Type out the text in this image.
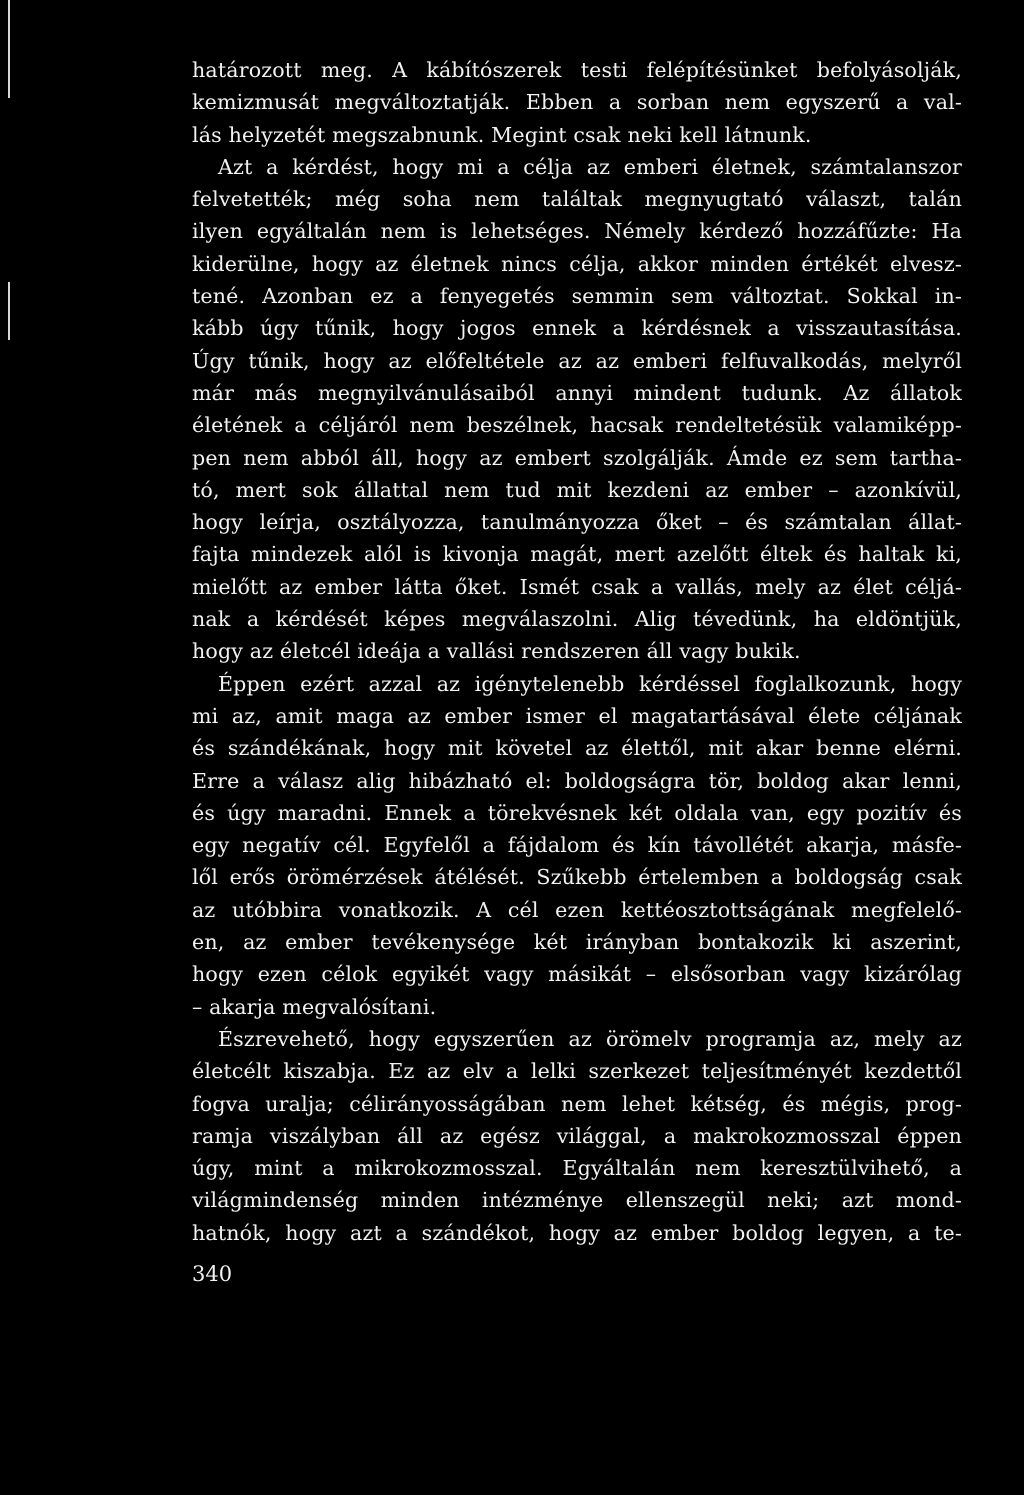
határozott meg. A kábítószerek testi felépítésünket befolyásolják,
kemizmusát megváltoztatják. Ebben a sorban nem egyszerű a val-
lás helyzetét megszabnunk. Megint csak neki kell látnunk.
Azt a kérdést, hogy mi a célja az emberi életnek, számtalanszor
felvetették; még soha nem találtak megnyugtató választ, talán
ilyen egyáltalán nem is lehetséges. Némely kérdező hozzáfűzte: Ha
kiderülne, hogy az életnek nincs célja, akkor minden értékét elvesz-
tené. Azonban ez a fenyegetés semmin sem változtat. Sokkal in-
kább úgy tűnik, hogy jogos ennek a kérdésnek a visszautasítása.
Úgy tűnik, hogy az előfeltétele az az emberi felfuvalkodás, melyről
már más megnyilvánulásaiból annyi mindent tudunk. Az állatok
életének a céljáról nem beszélnek, hacsak rendeltetésük valamiképp-
pen nem abból áll, hogy az embert szolgálják. Ámde ez sem tartha-
tó, mert sok állattal nem tud mit kezdeni az ember – azonkívül,
hogy leírja, osztályozza, tanulmányozza őket – és számtalan állat-
fajta mindezek alól is kivonja magát, mert azelőtt éltek és haltak ki,
mielőtt az ember látta őket. Ismét csak a vallás, mely az élet céljá-
nak a kérdését képes megválaszolni. Alig tévedünk, ha eldöntjük,
hogy az életcél ideája a vallási rendszeren áll vagy bukik.
Éppen ezért azzal az igénytelenebb kérdéssel foglalkozunk, hogy
mi az, amit maga az ember ismer el magatartásával élete céljának
és szándékának, hogy mit követel az élettől, mit akar benne elérni.
Erre a válasz alig hibázható el: boldogságra tör, boldog akar lenni,
és úgy maradni. Ennek a törekvésnek két oldala van, egy pozitív és
egy negatív cél. Egyfelől a fájdalom és kín távollétét akarja, másfe-
lől erős örömérzések átélését. Szűkebb értelemben a boldogság csak
az utóbbira vonatkozik. A cél ezen kettéosztottságának megfelelő-
en, az ember tevékenysége két irányban bontakozik ki aszerint,
hogy ezen célok egyikét vagy másikát – elsősorban vagy kizárólag
– akarja megvalósítani.
Észrevehető, hogy egyszerűen az örömelv programja az, mely az
életcélt kiszabja. Ez az elv a lelki szerkezet teljesítményét kezdettől
fogva uralja; célirányosságában nem lehet kétség, és mégis, prog-
ramja viszályban áll az egész világgal, a makrokozmosszal éppen
úgy, mint a mikrokozmosszal. Egyáltalán nem keresztülvihető, a
világmindenség minden intézménye ellenszegül neki; azt mond-
hatnók, hogy azt a szándékot, hogy az ember boldog legyen, a te-
340
